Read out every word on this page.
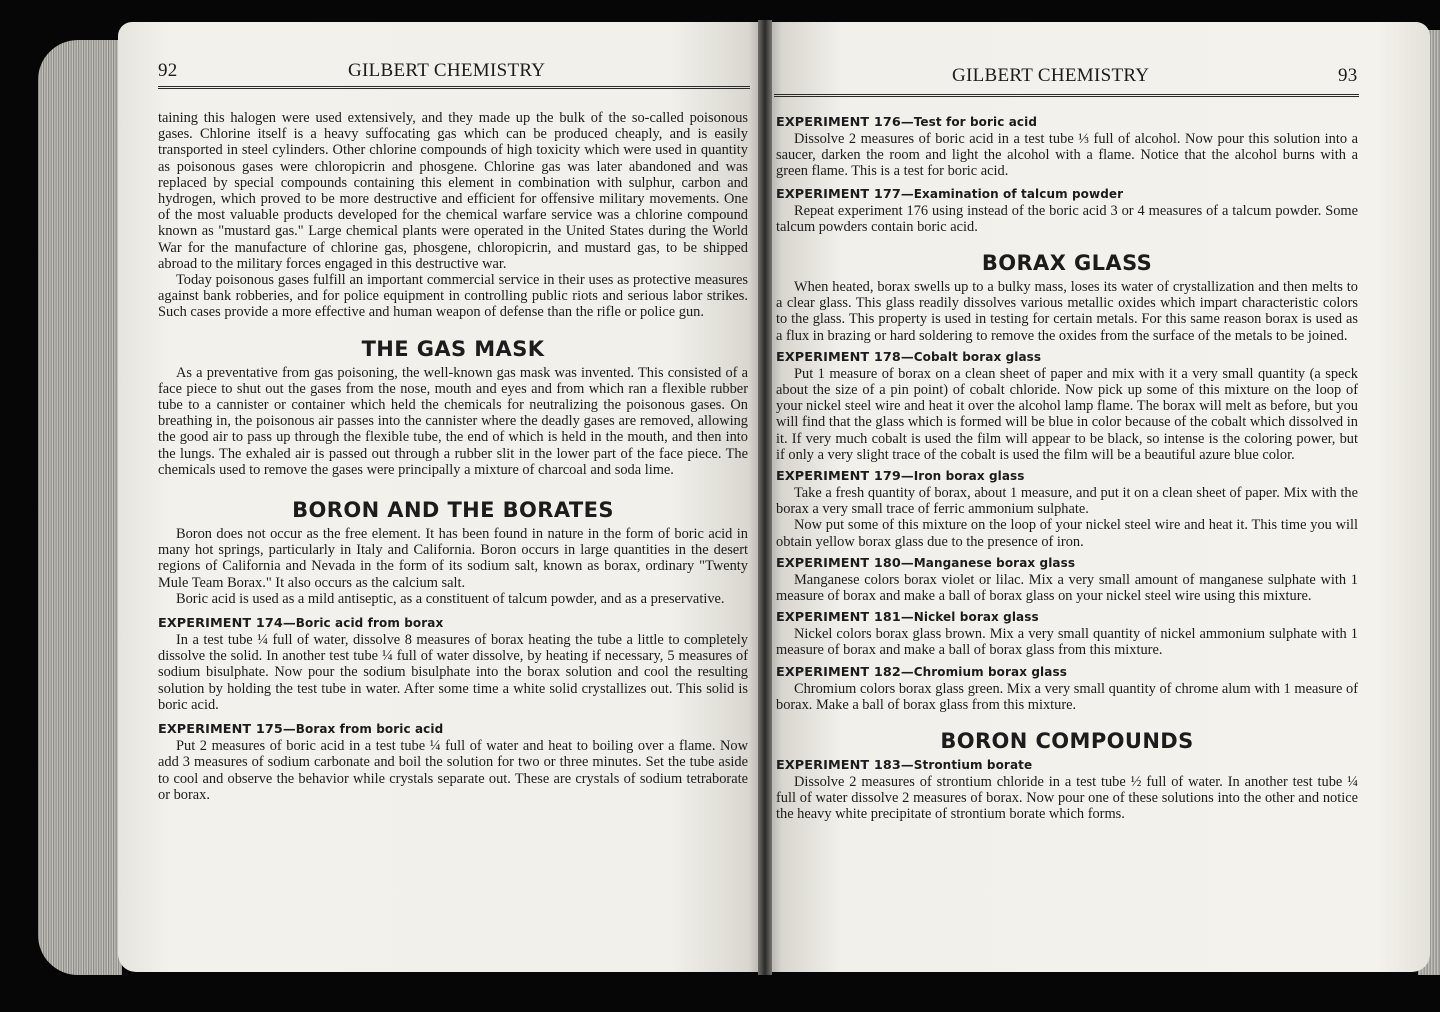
92	GILBERT CHEMISTRY

taining this halogen were used extensively, and they made up the bulk of the so-called poisonous gases. Chlorine itself is a heavy suffocating gas which can be produced cheaply, and is easily transported in steel cylinders. Other chlorine compounds of high toxicity which were used in quantity as poisonous gases were chloropicrin and phosgene. Chlorine gas was later abandoned and was replaced by special compounds containing this element in combination with sulphur, carbon and hydrogen, which proved to be more destructive and efficient for offensive military movements. One of the most valuable products developed for the chemical warfare service was a chlorine compound known as "mustard gas." Large chemical plants were operated in the United States during the World War for the manufacture of chlorine gas, phosgene, chloropicrin, and mustard gas, to be shipped abroad to the military forces engaged in this destructive war.

Today poisonous gases fulfill an important commercial service in their uses as protective measures against bank robberies, and for police equipment in controlling public riots and serious labor strikes. Such cases provide a more effective and human weapon of defense than the rifle or police gun.

THE GAS MASK

As a preventative from gas poisoning, the well-known gas mask was invented. This consisted of a face piece to shut out the gases from the nose, mouth and eyes and from which ran a flexible rubber tube to a cannister or container which held the chemicals for neutralizing the poisonous gases. On breathing in, the poisonous air passes into the cannister where the deadly gases are removed, allowing the good air to pass up through the flexible tube, the end of which is held in the mouth, and then into the lungs. The exhaled air is passed out through a rubber slit in the lower part of the face piece. The chemicals used to remove the gases were principally a mixture of charcoal and soda lime.

BORON AND THE BORATES

Boron does not occur as the free element. It has been found in nature in the form of boric acid in many hot springs, particularly in Italy and California. Boron occurs in large quantities in the desert regions of California and Nevada in the form of its sodium salt, known as borax, ordinary "Twenty Mule Team Borax." It also occurs as the calcium salt.

Boric acid is used as a mild antiseptic, as a constituent of talcum powder, and as a preservative.

EXPERIMENT 174—Boric acid from borax

In a test tube ¼ full of water, dissolve 8 measures of borax heating the tube a little to completely dissolve the solid. In another test tube ¼ full of water dissolve, by heating if necessary, 5 measures of sodium bisulphate. Now pour the sodium bisulphate into the borax solution and cool the resulting solution by holding the test tube in water. After some time a white solid crystallizes out. This solid is boric acid.

EXPERIMENT 175—Borax from boric acid

Put 2 measures of boric acid in a test tube ¼ full of water and heat to boiling over a flame. Now add 3 measures of sodium carbonate and boil the solution for two or three minutes. Set the tube aside to cool and observe the behavior while crystals separate out. These are crystals of sodium tetraborate or borax.

GILBERT CHEMISTRY	93
EXPERIMENT 176—Test for boric acid

Dissolve 2 measures of boric acid in a test tube ⅓ full of alcohol. Now pour this solution into a saucer, darken the room and light the alcohol with a flame. Notice that the alcohol burns with a green flame. This is a test for boric acid.

EXPERIMENT 177—Examination of talcum powder

Repeat experiment 176 using instead of the boric acid 3 or 4 measures of a talcum powder. Some talcum powders contain boric acid.

BORAX GLASS

When heated, borax swells up to a bulky mass, loses its water of crystallization and then melts to a clear glass. This glass readily dissolves various metallic oxides which impart characteristic colors to the glass. This property is used in testing for certain metals. For this same reason borax is used as a flux in brazing or hard soldering to remove the oxides from the surface of the metals to be joined.

EXPERIMENT 178—Cobalt borax glass

Put 1 measure of borax on a clean sheet of paper and mix with it a very small quantity (a speck about the size of a pin point) of cobalt chloride. Now pick up some of this mixture on the loop of your nickel steel wire and heat it over the alcohol lamp flame. The borax will melt as before, but you will find that the glass which is formed will be blue in color because of the cobalt which dissolved in it. If very much cobalt is used the film will appear to be black, so intense is the coloring power, but if only a very slight trace of the cobalt is used the film will be a beautiful azure blue color.

EXPERIMENT 179—Iron borax glass

Take a fresh quantity of borax, about 1 measure, and put it on a clean sheet of paper. Mix with the borax a very small trace of ferric ammonium sulphate.

Now put some of this mixture on the loop of your nickel steel wire and heat it. This time you will obtain yellow borax glass due to the presence of iron.

EXPERIMENT 180—Manganese borax glass

Manganese colors borax violet or lilac. Mix a very small amount of manganese sulphate with 1 measure of borax and make a ball of borax glass on your nickel steel wire using this mixture.

EXPERIMENT 181—Nickel borax glass

Nickel colors borax glass brown. Mix a very small quantity of nickel ammonium sulphate with 1 measure of borax and make a ball of borax glass from this mixture.

EXPERIMENT 182—Chromium borax glass

Chromium colors borax glass green. Mix a very small quantity of chrome alum with 1 measure of borax. Make a ball of borax glass from this mixture.

BORON COMPOUNDS
EXPERIMENT 183—Strontium borate

Dissolve 2 measures of strontium chloride in a test tube ½ full of water. In another test tube ¼ full of water dissolve 2 measures of borax. Now pour one of these solutions into the other and notice the heavy white precipitate of strontium borate which forms.
